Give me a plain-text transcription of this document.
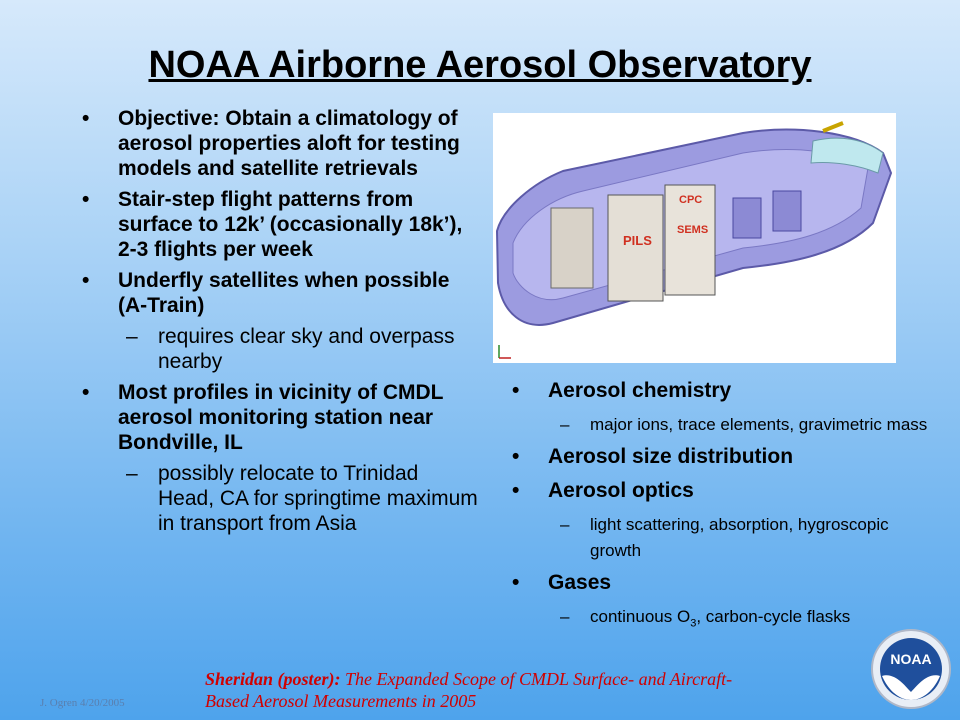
NOAA Airborne Aerosol Observatory
• Objective: Obtain a climatology of aerosol properties aloft for testing models and satellite retrievals
• Stair-step flight patterns from surface to 12k’ (occasionally 18k’), 2-3 flights per week
• Underfly satellites when possible (A-Train)
– requires clear sky and overpass nearby
• Most profiles in vicinity of CMDL aerosol monitoring station near Bondville, IL
– possibly relocate to Trinidad Head, CA for springtime maximum in transport from Asia
PILS
CPC
SEMS
• Aerosol chemistry
– major ions, trace elements, gravimetric mass
• Aerosol size distribution
• Aerosol optics
– light scattering, absorption, hygroscopic growth
• Gases
– continuous $O_3$, carbon-cycle flasks
Sheridan (poster): The Expanded Scope of CMDL Surface- and Aircraft-Based Aerosol Measurements in 2005
J. Ogren 4/20/2005
NOAA
